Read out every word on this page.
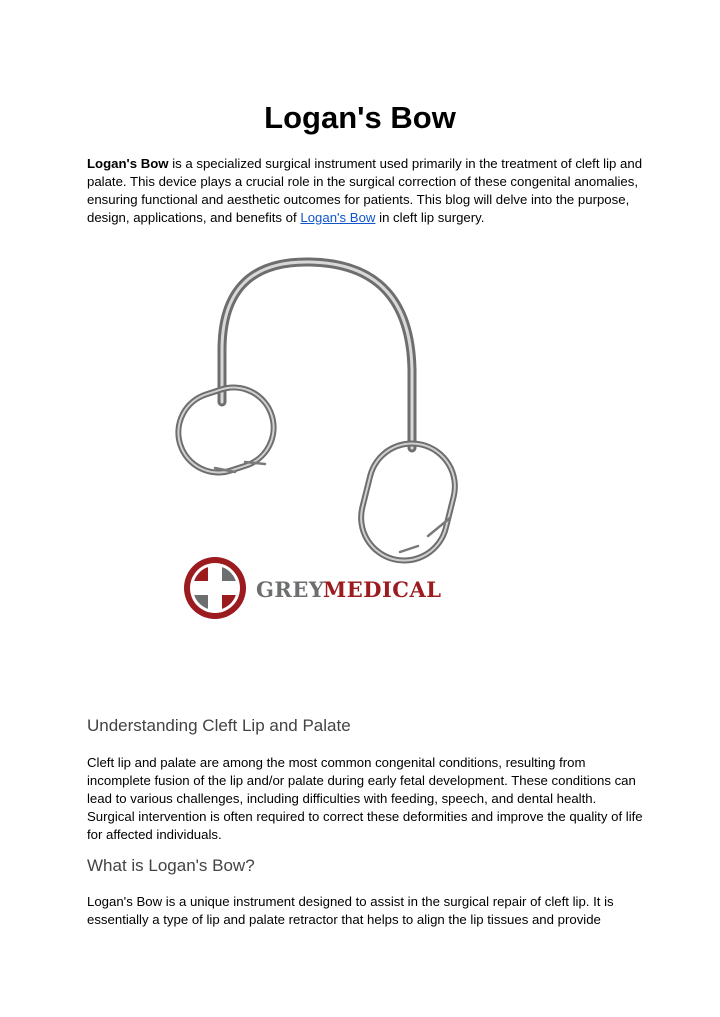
Logan's Bow

Logan's Bow is a specialized surgical instrument used primarily in the treatment of cleft lip and palate. This device plays a crucial role in the surgical correction of these congenital anomalies, ensuring functional and aesthetic outcomes for patients. This blog will delve into the purpose, design, applications, and benefits of Logan's Bow in cleft lip surgery.

GREY
MEDICAL
Understanding Cleft Lip and Palate

Cleft lip and palate are among the most common congenital conditions, resulting from incomplete fusion of the lip and/or palate during early fetal development. These conditions can lead to various challenges, including difficulties with feeding, speech, and dental health. Surgical intervention is often required to correct these deformities and improve the quality of life for affected individuals.

What is Logan's Bow?

Logan's Bow is a unique instrument designed to assist in the surgical repair of cleft lip. It is essentially a type of lip and palate retractor that helps to align the lip tissues and provide
